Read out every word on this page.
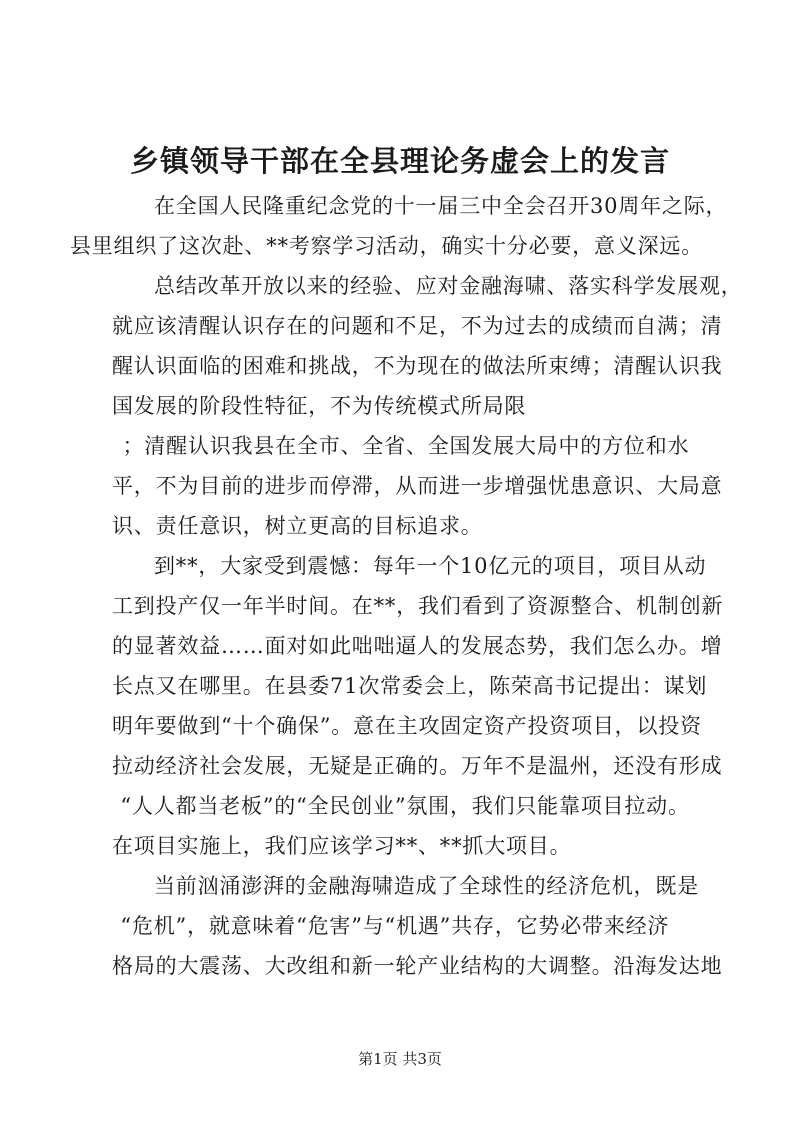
乡镇领导干部在全县理论务虚会上的发言

在全国人民隆重纪念党的十一届三中全会召开30周年之际，
县里组织了这次赴、**考察学习活动，确实十分必要，意义深远。

总结改革开放以来的经验、应对金融海啸、落实科学发展观，
就应该清醒认识存在的问题和不足，不为过去的成绩而自满；清
醒认识面临的困难和挑战，不为现在的做法所束缚；清醒认识我
国发展的阶段性特征，不为传统模式所局限

；清醒认识我县在全市、全省、全国发展大局中的方位和水
平，不为目前的进步而停滞，从而进一步增强忧患意识、大局意
识、责任意识，树立更高的目标追求。

到**，大家受到震憾：每年一个10亿元的项目，项目从动
工到投产仅一年半时间。在**，我们看到了资源整合、机制创新
的显著效益……面对如此咄咄逼人的发展态势，我们怎么办。增
长点又在哪里。在县委71次常委会上，陈荣高书记提出：谋划
明年要做到“十个确保”。意在主攻固定资产投资项目，以投资
拉动经济社会发展，无疑是正确的。万年不是温州，还没有形成
“人人都当老板”的“全民创业”氛围，我们只能靠项目拉动。
在项目实施上，我们应该学习**、**抓大项目。

当前汹涌澎湃的金融海啸造成了全球性的经济危机，既是
“危机”，就意味着“危害”与“机遇”共存，它势必带来经济
格局的大震荡、大改组和新一轮产业结构的大调整。沿海发达地

第1页 共3页
